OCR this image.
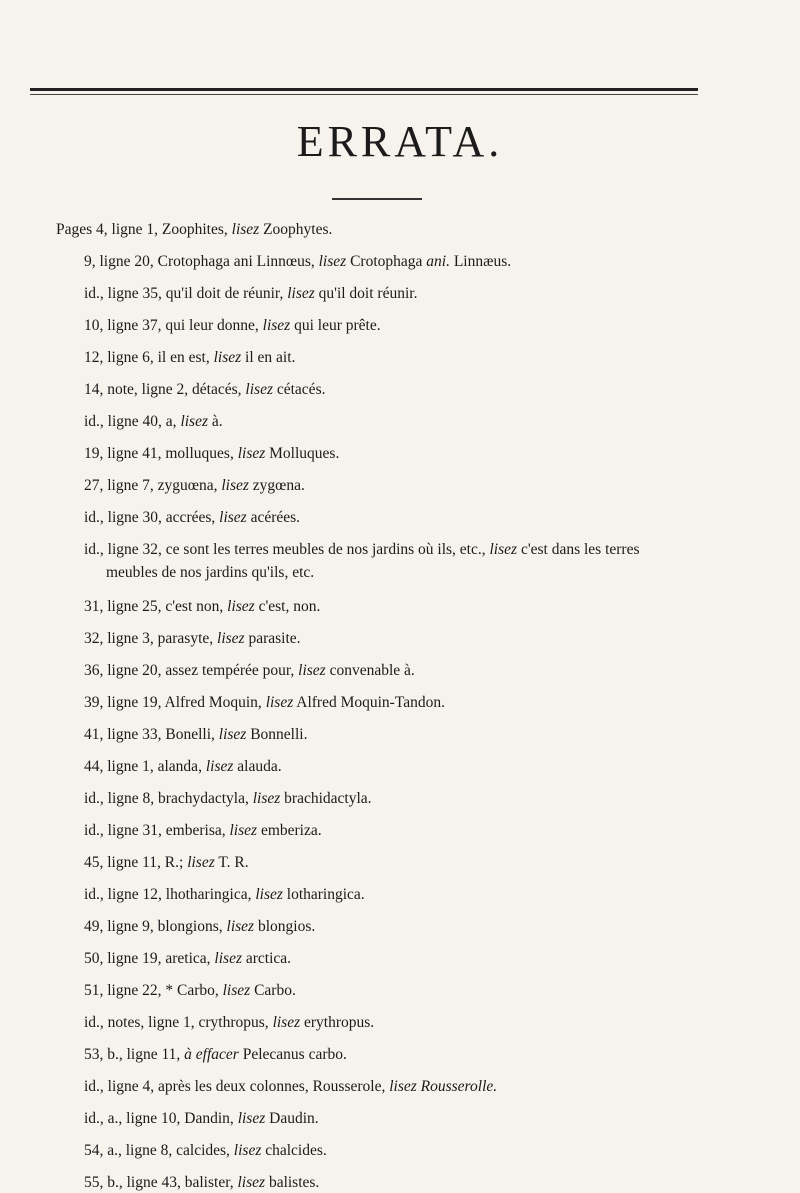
ERRATA.
Pages 4, ligne 1, Zoophites, lisez Zoophytes.
9, ligne 20, Crotophaga ani Linnœus, lisez Crotophaga ani. Linnæus.
id., ligne 35, qu'il doit de réunir, lisez qu'il doit réunir.
10, ligne 37, qui leur donne, lisez qui leur prête.
12, ligne 6, il en est, lisez il en ait.
14, note, ligne 2, détacés, lisez cétacés.
id., ligne 40, a, lisez à.
19, ligne 41, molluques, lisez Molluques.
27, ligne 7, zyguœna, lisez zygœna.
id., ligne 30, accrées, lisez acérées.
id., ligne 32, ce sont les terres meubles de nos jardins où ils, etc., lisez c'est dans les terres
meubles de nos jardins qu'ils, etc.
31, ligne 25, c'est non, lisez c'est, non.
32, ligne 3, parasyte, lisez parasite.
36, ligne 20, assez tempérée pour, lisez convenable à.
39, ligne 19, Alfred Moquin, lisez Alfred Moquin-Tandon.
41, ligne 33, Bonelli, lisez Bonnelli.
44, ligne 1, alanda, lisez alauda.
id., ligne 8, brachydactyla, lisez brachidactyla.
id., ligne 31, emberisa, lisez emberiza.
45, ligne 11, R.; lisez T. R.
id., ligne 12, lhotharingica, lisez lotharingica.
49, ligne 9, blongions, lisez blongios.
50, ligne 19, aretica, lisez arctica.
51, ligne 22, * Carbo, lisez Carbo.
id., notes, ligne 1, crythropus, lisez erythropus.
53, b., ligne 11, à effacer Pelecanus carbo.
id., ligne 4, après les deux colonnes, Rousserole, lisez Rousserolle.
id., a., ligne 10, Dandin, lisez Daudin.
54, a., ligne 8, calcides, lisez chalcides.
55, b., ligne 43, balister, lisez balistes.
